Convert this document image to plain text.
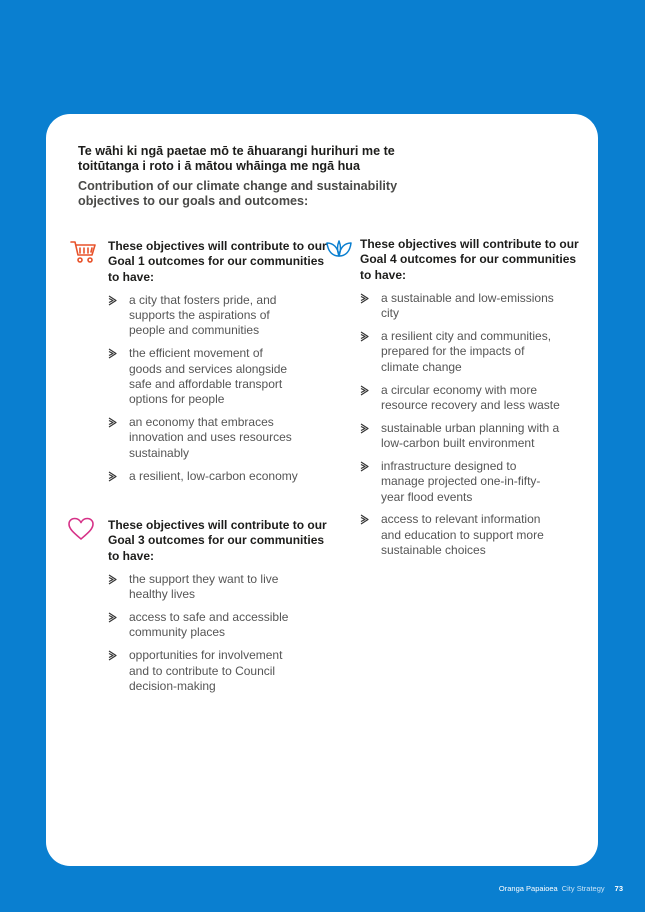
Te wāhi ki ngā paetae mō te āhuarangi hurihuri me te toitūtanga i roto i ā mātou whāinga me ngā hua
Contribution of our climate change and sustainability objectives to our goals and outcomes:

These objectives will contribute to our Goal 1 outcomes for our communities to have:

a city that fosters pride, and supports the aspirations of people and communities
the efficient movement of goods and services alongside safe and affordable transport options for people
an economy that embraces innovation and uses resources sustainably
a resilient, low-carbon economy

These objectives will contribute to our Goal 3 outcomes for our communities to have:

the support they want to live healthy lives
access to safe and accessible community places
opportunities for involvement and to contribute to Council decision-making

These objectives will contribute to our Goal 4 outcomes for our communities to have:

a sustainable and low-emissions city
a resilient city and communities, prepared for the impacts of climate change
a circular economy with more resource recovery and less waste
sustainable urban planning with a low-carbon built environment
infrastructure designed to manage projected one-in-fifty-year flood events
access to relevant information and education to support more sustainable choices
Oranga Papaioea City Strategy 73
